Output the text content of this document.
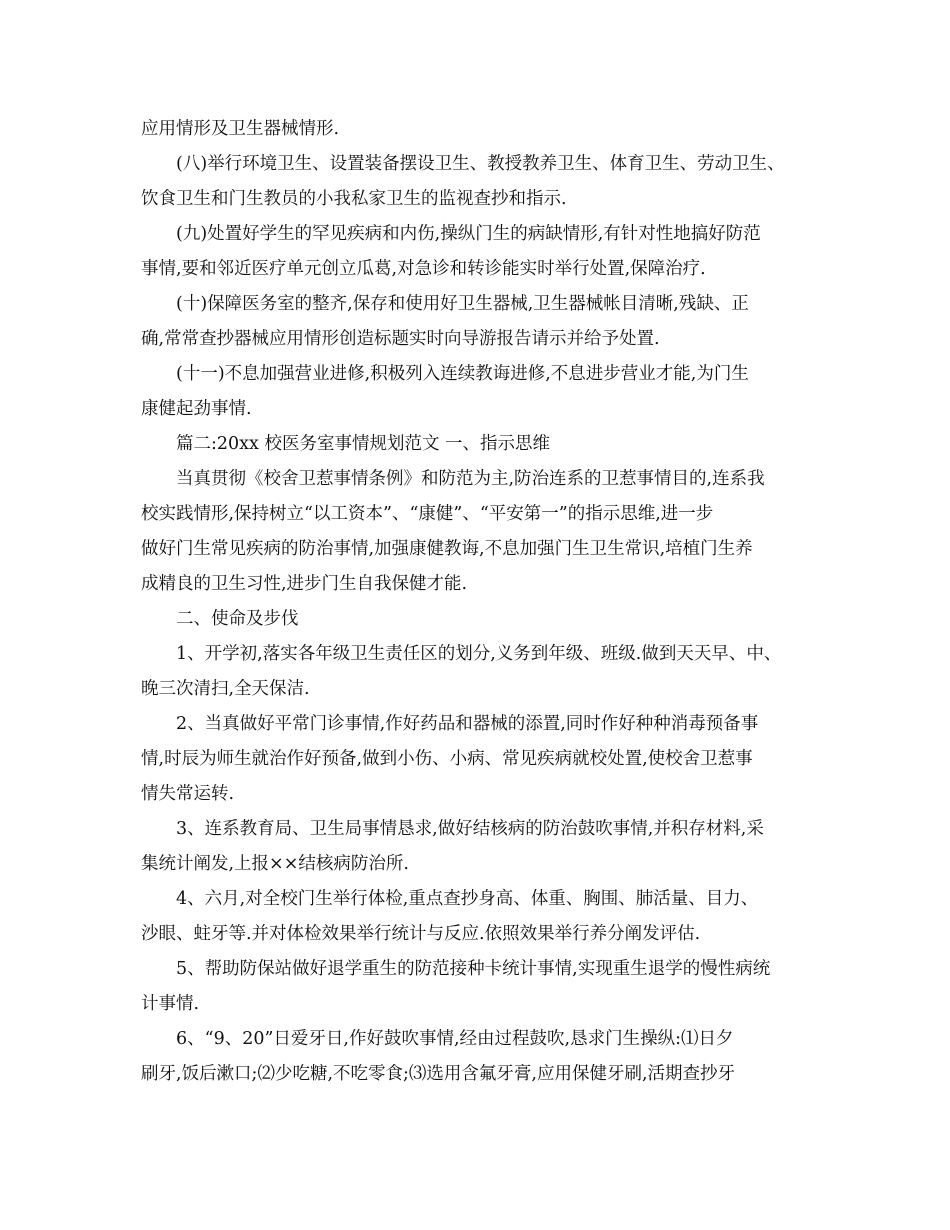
应用情形及卫生器械情形.

(八)举行环境卫生、设置装备摆设卫生、教授教养卫生、体育卫生、劳动卫生、

饮食卫生和门生教员的小我私家卫生的监视查抄和指示.

(九)处置好学生的罕见疾病和内伤,操纵门生的病缺情形,有针对性地搞好防范

事情,要和邻近医疗单元创立瓜葛,对急诊和转诊能实时举行处置,保障治疗.

(十)保障医务室的整齐,保存和使用好卫生器械,卫生器械帐目清晰,残缺、正

确,常常查抄器械应用情形创造标题实时向导游报告请示并给予处置.

(十一)不息加强营业进修,积极列入连续教诲进修,不息进步营业才能,为门生

康健起劲事情.

篇二:20xx 校医务室事情规划范文 一、指示思维

当真贯彻《校舍卫惹事情条例》和防范为主,防治连系的卫惹事情目的,连系我

校实践情形,保持树立“以工资本”、“康健”、“平安第一”的指示思维,进一步

做好门生常见疾病的防治事情,加强康健教诲,不息加强门生卫生常识,培植门生养

成精良的卫生习性,进步门生自我保健才能.

二、使命及步伐

1、开学初,落实各年级卫生责任区的划分,义务到年级、班级.做到天天早、中、

晚三次清扫,全天保洁.

2、当真做好平常门诊事情,作好药品和器械的添置,同时作好种种消毒预备事

情,时辰为师生就治作好预备,做到小伤、小病、常见疾病就校处置,使校舍卫惹事

情失常运转.

3、连系教育局、卫生局事情恳求,做好结核病的防治鼓吹事情,并积存材料,采

集统计阐发,上报××结核病防治所.

4、六月,对全校门生举行体检,重点查抄身高、体重、胸围、肺活量、目力、

沙眼、蛀牙等.并对体检效果举行统计与反应.依照效果举行养分阐发评估.

5、帮助防保站做好退学重生的防范接种卡统计事情,实现重生退学的慢性病统

计事情.

6、“9、20”日爱牙日,作好鼓吹事情,经由过程鼓吹,恳求门生操纵:⑴日夕

刷牙,饭后漱口;⑵少吃糖,不吃零食;⑶选用含氟牙膏,应用保健牙刷,活期查抄牙
